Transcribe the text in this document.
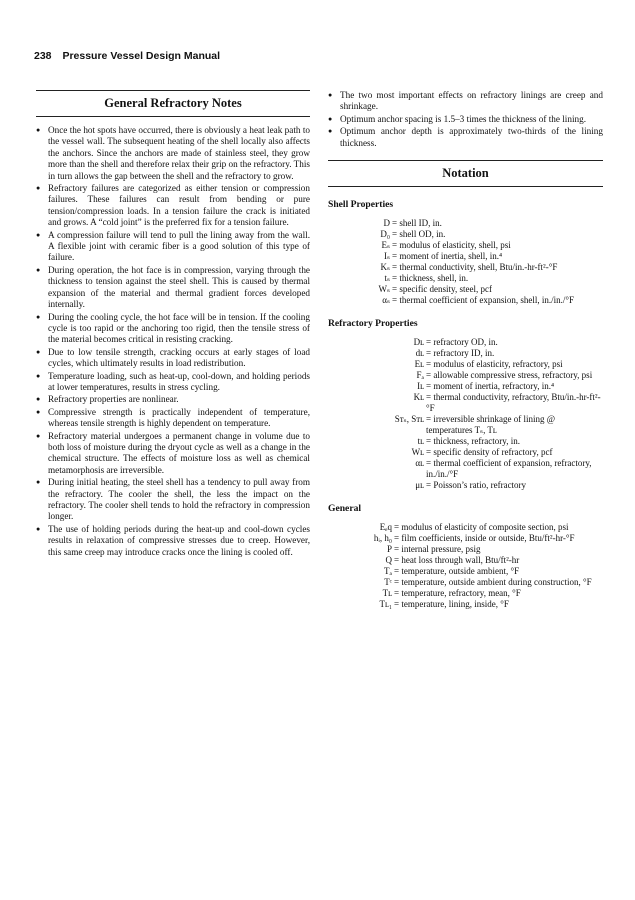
238 Pressure Vessel Design Manual
General Refractory Notes
● Once the hot spots have occurred, there is obviously a heat leak path to the vessel wall. The subsequent heating of the shell locally also affects the anchors. Since the anchors are made of stainless steel, they grow more than the shell and therefore relax their grip on the refractory. This in turn allows the gap between the shell and the refractory to grow.
● Refractory failures are categorized as either tension or compression failures. These failures can result from bending or pure tension/compression loads. In a tension failure the crack is initiated and grows. A “cold joint” is the preferred fix for a tension failure.
● A compression failure will tend to pull the lining away from the wall. A flexible joint with ceramic fiber is a good solution of this type of failure.
● During operation, the hot face is in compression, varying through the thickness to tension against the steel shell. This is caused by thermal expansion of the material and thermal gradient forces developed internally.
● During the cooling cycle, the hot face will be in tension. If the cooling cycle is too rapid or the anchoring too rigid, then the tensile stress of the material becomes critical in resisting cracking.
● Due to low tensile strength, cracking occurs at early stages of load cycles, which ultimately results in load redistribution.
● Temperature loading, such as heat-up, cool-down, and holding periods at lower temperatures, results in stress cycling.
● Refractory properties are nonlinear.
● Compressive strength is practically independent of temperature, whereas tensile strength is highly dependent on temperature.
● Refractory material undergoes a permanent change in volume due to both loss of moisture during the dryout cycle as well as a change in the chemical structure. The effects of moisture loss as well as chemical metamorphosis are irreversible.
● During initial heating, the steel shell has a tendency to pull away from the refractory. The cooler the shell, the less the impact on the refractory. The cooler shell tends to hold the refractory in compression longer.
● The use of holding periods during the heat-up and cool-down cycles results in relaxation of compressive stresses due to creep. However, this same creep may introduce cracks once the lining is cooled off.
● The two most important effects on refractory linings are creep and shrinkage.
● Optimum anchor spacing is 1.5–3 times the thickness of the lining.
● Optimum anchor depth is approximately two-thirds of the lining thickness.
Notation
Shell Properties
D = shell ID, in.
D₀ = shell OD, in.
Eₛ = modulus of elasticity, shell, psi
Iₛ = moment of inertia, shell, in.⁴
Kₛ = thermal conductivity, shell, Btu/in.-hr-ft²-°F
tₛ = thickness, shell, in.
Wₛ = specific density, steel, pcf
αₛ = thermal coefficient of expansion, shell, in./in./°F
Refractory Properties
Dʟ = refractory OD, in.
dʟ = refractory ID, in.
Eʟ = modulus of elasticity, refractory, psi
Fₐ = allowable compressive stress, refractory, psi
Iʟ = moment of inertia, refractory, in.⁴
Kʟ = thermal conductivity, refractory, Btu/in.-hr-ft²-°F
Sᴛₛ, Sᴛʟ = irreversible shrinkage of lining @ temperatures Tₛ, Tʟ
tʟ = thickness, refractory, in.
Wʟ = specific density of refractory, pcf
αʟ = thermal coefficient of expansion, refractory, in./in./°F
μʟ = Poisson’s ratio, refractory
General
Eₑq = modulus of elasticity of composite section, psi
hᵢ, h₀ = film coefficients, inside or outside, Btu/ft²-hr-°F
P = internal pressure, psig
Q = heat loss through wall, Btu/ft²-hr
Tₐ = temperature, outside ambient, °F
Tᶜ = temperature, outside ambient during construction, °F
Tʟ = temperature, refractory, mean, °F
Tʟ₁ = temperature, lining, inside, °F
